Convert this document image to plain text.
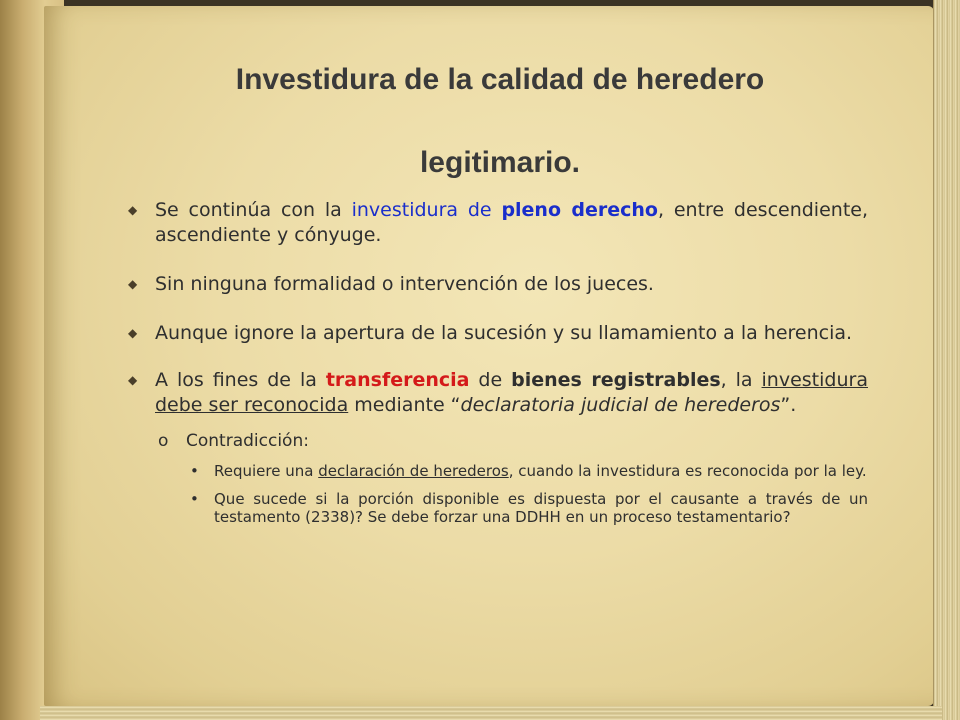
Investidura de la calidad de heredero
legitimario.
◆ Se continúa con la investidura de pleno derecho, entre descendiente, ascendiente y cónyuge.
◆ Sin ninguna formalidad o intervención de los jueces.
◆ Aunque ignore la apertura de la sucesión y su llamamiento a la herencia.
◆ A los fines de la transferencia de bienes registrables, la investidura debe ser reconocida mediante “declaratoria judicial de herederos”.
o Contradicción:
• Requiere una declaración de herederos, cuando la investidura es reconocida por la ley.
• Que sucede si la porción disponible es dispuesta por el causante a través de un testamento (2338)? Se debe forzar una DDHH en un proceso testamentario?
